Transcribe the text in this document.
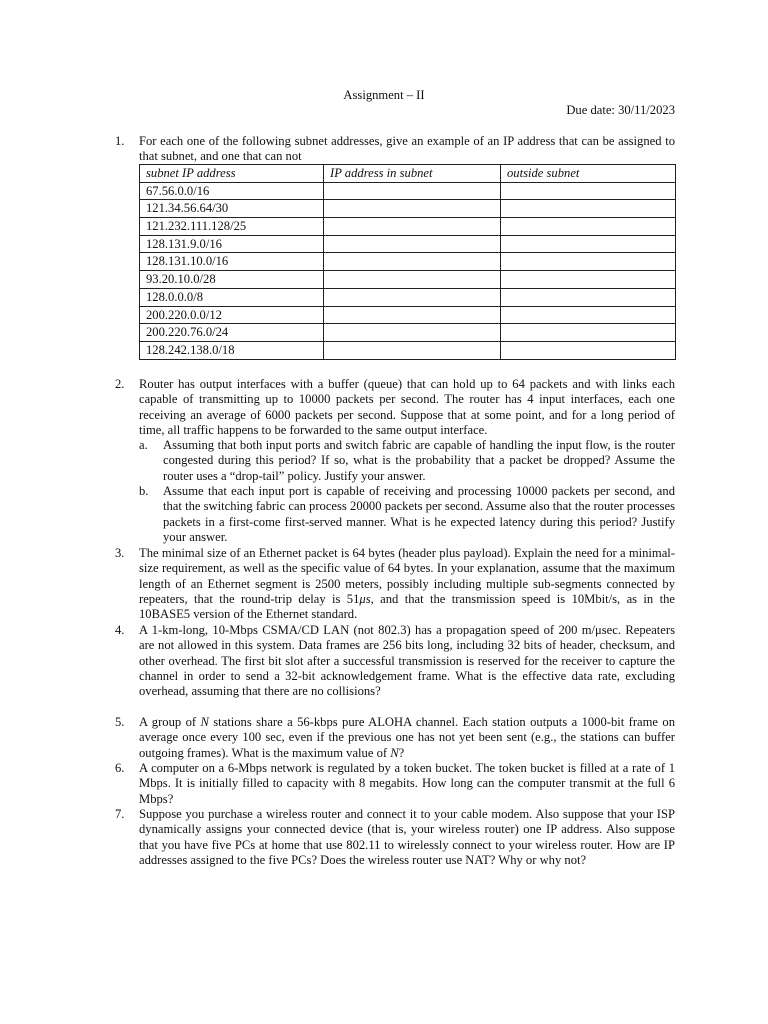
Assignment – II
Due date: 30/11/2023
1. For each one of the following subnet addresses, give an example of an IP address that can be assigned to that subnet, and one that can not
subnet IP address	IP address in subnet	outside subnet
67.56.0.0/16		
121.34.56.64/30		
121.232.111.128/25		
128.131.9.0/16		
128.131.10.0/16		
93.20.10.0/28		
128.0.0.0/8		
200.220.0.0/12		
200.220.76.0/24		
128.242.138.0/18		
2. Router has output interfaces with a buffer (queue) that can hold up to 64 packets and with links each capable of transmitting up to 10000 packets per second. The router has 4 input interfaces, each one receiving an average of 6000 packets per second. Suppose that at some point, and for a long period of time, all traffic happens to be forwarded to the same output interface.
a. Assuming that both input ports and switch fabric are capable of handling the input flow, is the router congested during this period? If so, what is the probability that a packet be dropped? Assume the router uses a “drop-tail” policy. Justify your answer.
b. Assume that each input port is capable of receiving and processing 10000 packets per second, and that the switching fabric can process 20000 packets per second. Assume also that the router processes packets in a first-come first-served manner. What is he expected latency during this period? Justify your answer.
3. The minimal size of an Ethernet packet is 64 bytes (header plus payload). Explain the need for a minimal-size requirement, as well as the specific value of 64 bytes. In your explanation, assume that the maximum length of an Ethernet segment is 2500 meters, possibly including multiple sub-segments connected by repeaters, that the round-trip delay is 51μs, and that the transmission speed is 10Mbit/s, as in the 10BASE5 version of the Ethernet standard.
4. A 1-km-long, 10-Mbps CSMA/CD LAN (not 802.3) has a propagation speed of 200 m/μsec. Repeaters are not allowed in this system. Data frames are 256 bits long, including 32 bits of header, checksum, and other overhead. The first bit slot after a successful transmission is reserved for the receiver to capture the channel in order to send a 32-bit acknowledgement frame. What is the effective data rate, excluding overhead, assuming that there are no collisions?
5. A group of N stations share a 56-kbps pure ALOHA channel. Each station outputs a 1000-bit frame on average once every 100 sec, even if the previous one has not yet been sent (e.g., the stations can buffer outgoing frames). What is the maximum value of N?
6. A computer on a 6-Mbps network is regulated by a token bucket. The token bucket is filled at a rate of 1 Mbps. It is initially filled to capacity with 8 megabits. How long can the computer transmit at the full 6 Mbps?
7. Suppose you purchase a wireless router and connect it to your cable modem. Also suppose that your ISP dynamically assigns your connected device (that is, your wireless router) one IP address. Also suppose that you have five PCs at home that use 802.11 to wirelessly connect to your wireless router. How are IP addresses assigned to the five PCs? Does the wireless router use NAT? Why or why not?
